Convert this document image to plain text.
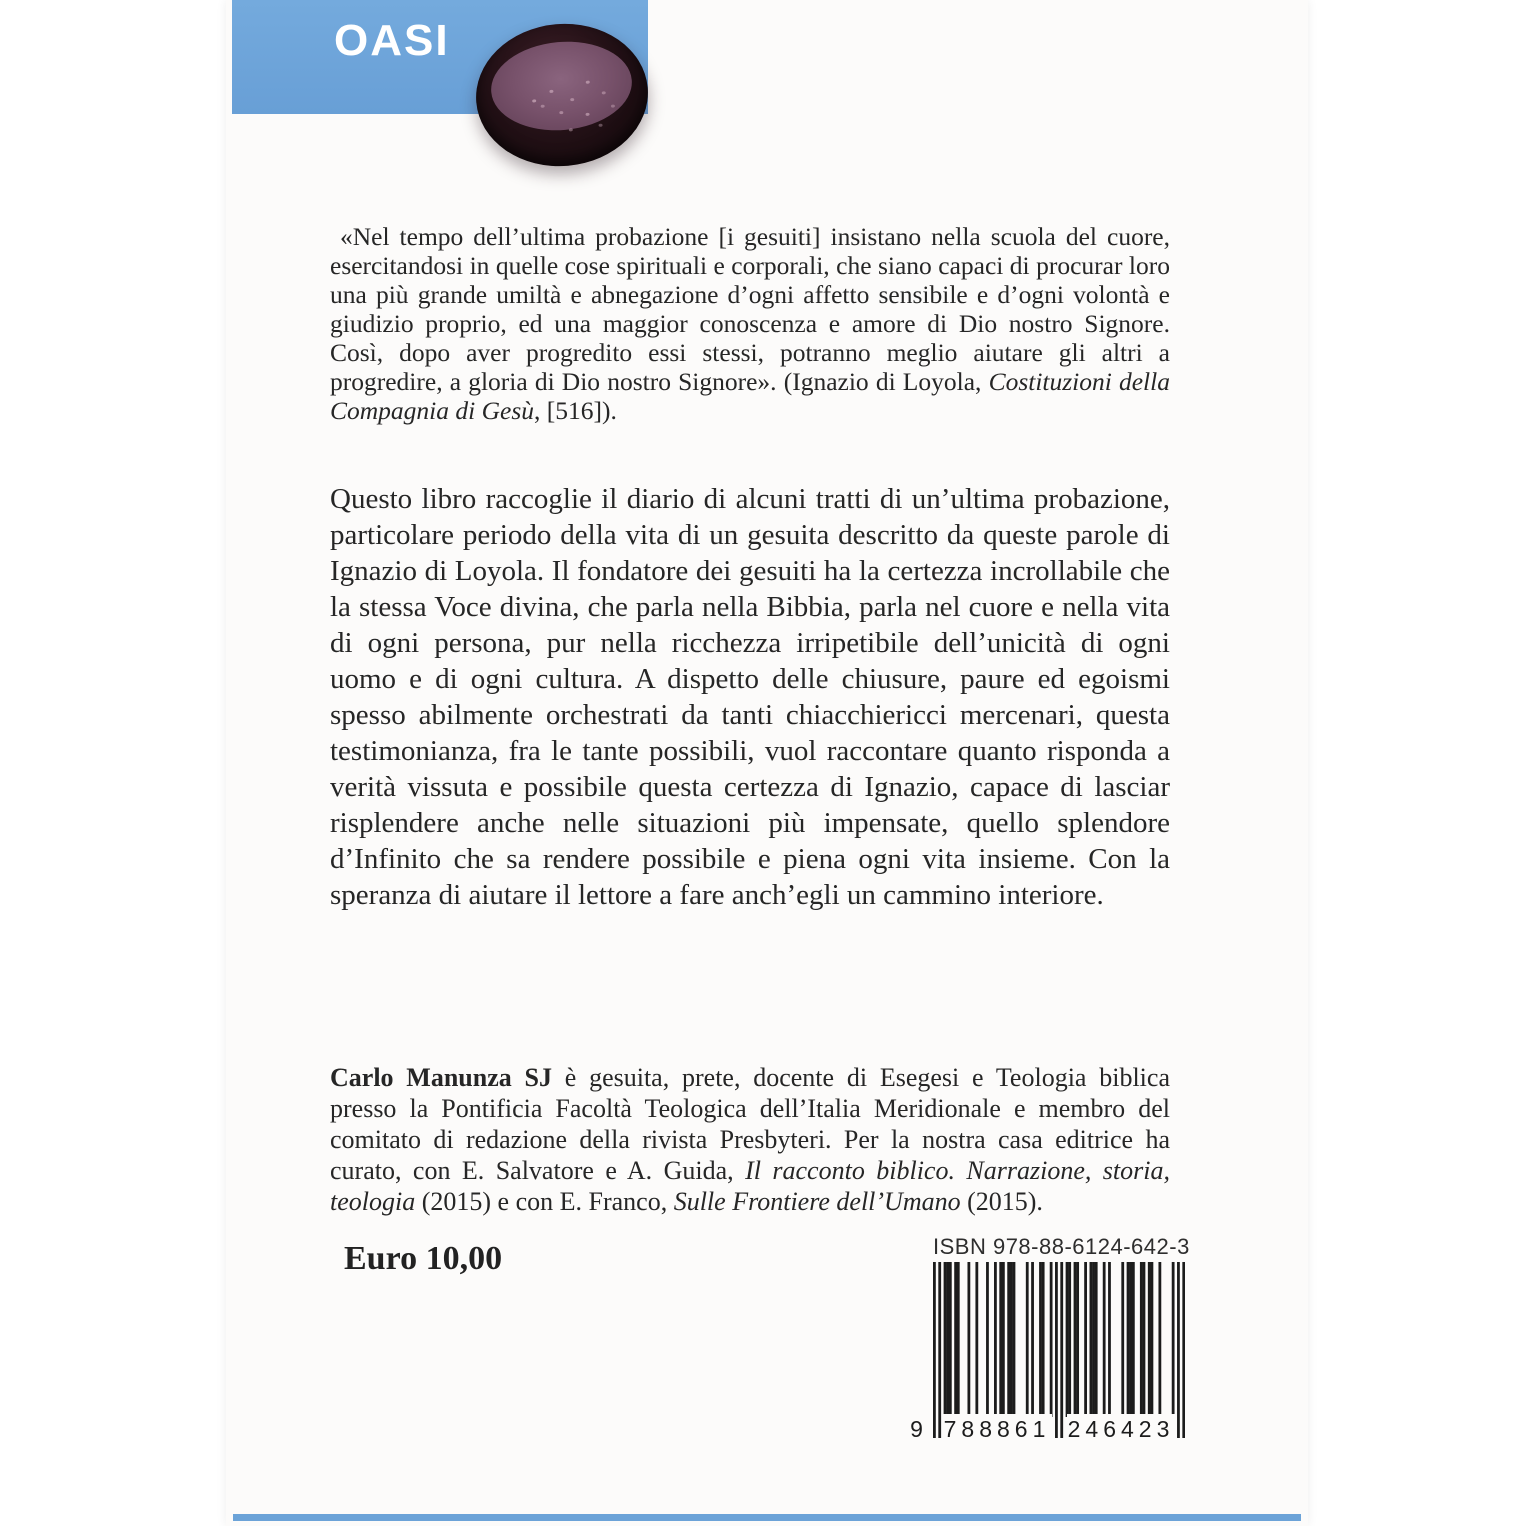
OASI

«Nel tempo dell’ultima probazione [i gesuiti] insistano nella scuola del cuore, esercitandosi in quelle cose spirituali e corporali, che siano capaci di procurar loro una più grande umiltà e abnegazione d’ogni affetto sensibile e d’ogni volontà e giudizio proprio, ed una maggior conoscenza e amore di Dio nostro Signore. Così, dopo aver progredito essi stessi, potranno meglio aiutare gli altri a progredire, a gloria di Dio nostro Signore». (Ignazio di Loyola, Costituzioni della Compagnia di Gesù, [516]).

Questo libro raccoglie il diario di alcuni tratti di un’ultima probazione, particolare periodo della vita di un gesuita descritto da queste parole di Ignazio di Loyola. Il fondatore dei gesuiti ha la certezza incrollabile che la stessa Voce divina, che parla nella Bibbia, parla nel cuore e nella vita di ogni persona, pur nella ricchezza irripetibile dell’unicità di ogni uomo e di ogni cultura. A dispetto delle chiusure, paure ed egoismi spesso abilmente orchestrati da tanti chiacchiericci mercenari, questa testimonianza, fra le tante possibili, vuol raccontare quanto risponda a verità vissuta e possibile questa certezza di Ignazio, capace di lasciar risplendere anche nelle situazioni più impensate, quello splendore d’Infinito che sa rendere possibile e piena ogni vita insieme. Con la speranza di aiutare il lettore a fare anch’egli un cammino interiore.

Carlo Manunza SJ è gesuita, prete, docente di Esegesi e Teologia biblica presso la Pontificia Facoltà Teologica dell’Italia Meridionale e membro del comitato di redazione della rivista Presbyteri. Per la nostra casa editrice ha curato, con E. Salvatore e A. Guida, Il racconto biblico. Narrazione, storia, teologia (2015) e con E. Franco, Sulle Frontiere dell’Umano (2015).

Euro 10,00	ISBN 978-88-6124-642-3
9 788861 246423
